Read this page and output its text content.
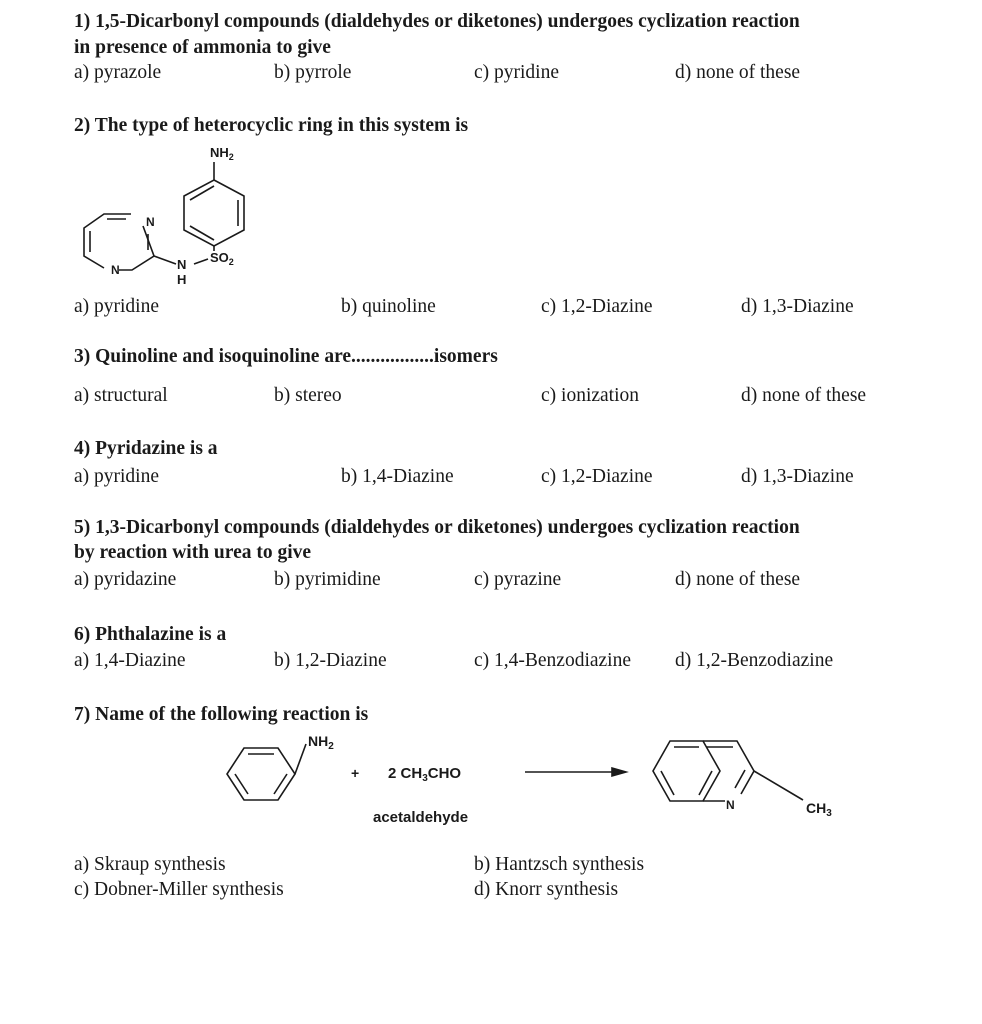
1) 1,5-Dicarbonyl compounds (dialdehydes or diketones) undergoes cyclization reaction
in presence of ammonia to give
a) pyrazole	b) pyrrole	c) pyridine	d) none of these
2) The type of heterocyclic ring in this system is
$NH_2$
$SO_2$
N
H
N
N
a) pyridine	b) quinoline	c) 1,2-Diazine	d) 1,3-Diazine
3) Quinoline and isoquinoline are.................isomers
a) structural	b) stereo	c) ionization	d) none of these
4) Pyridazine is a
a) pyridine	b) 1,4-Diazine	c) 1,2-Diazine	d) 1,3-Diazine
5) 1,3-Dicarbonyl compounds (dialdehydes or diketones) undergoes cyclization reaction
by reaction with urea to give
a) pyridazine	b) pyrimidine	c) pyrazine	d) none of these
6) Phthalazine is a
a) 1,4-Diazine	b) 1,2-Diazine	c) 1,4-Benzodiazine d) 1,2-Benzodiazine
7) Name of the following reaction is
$NH_2$
+ 2 $CH_3CHO$
acetaldehyde
N	$CH_3$
a) Skraup synthesis	b) Hantzsch synthesis
c) Dobner-Miller synthesis	d) Knorr synthesis
